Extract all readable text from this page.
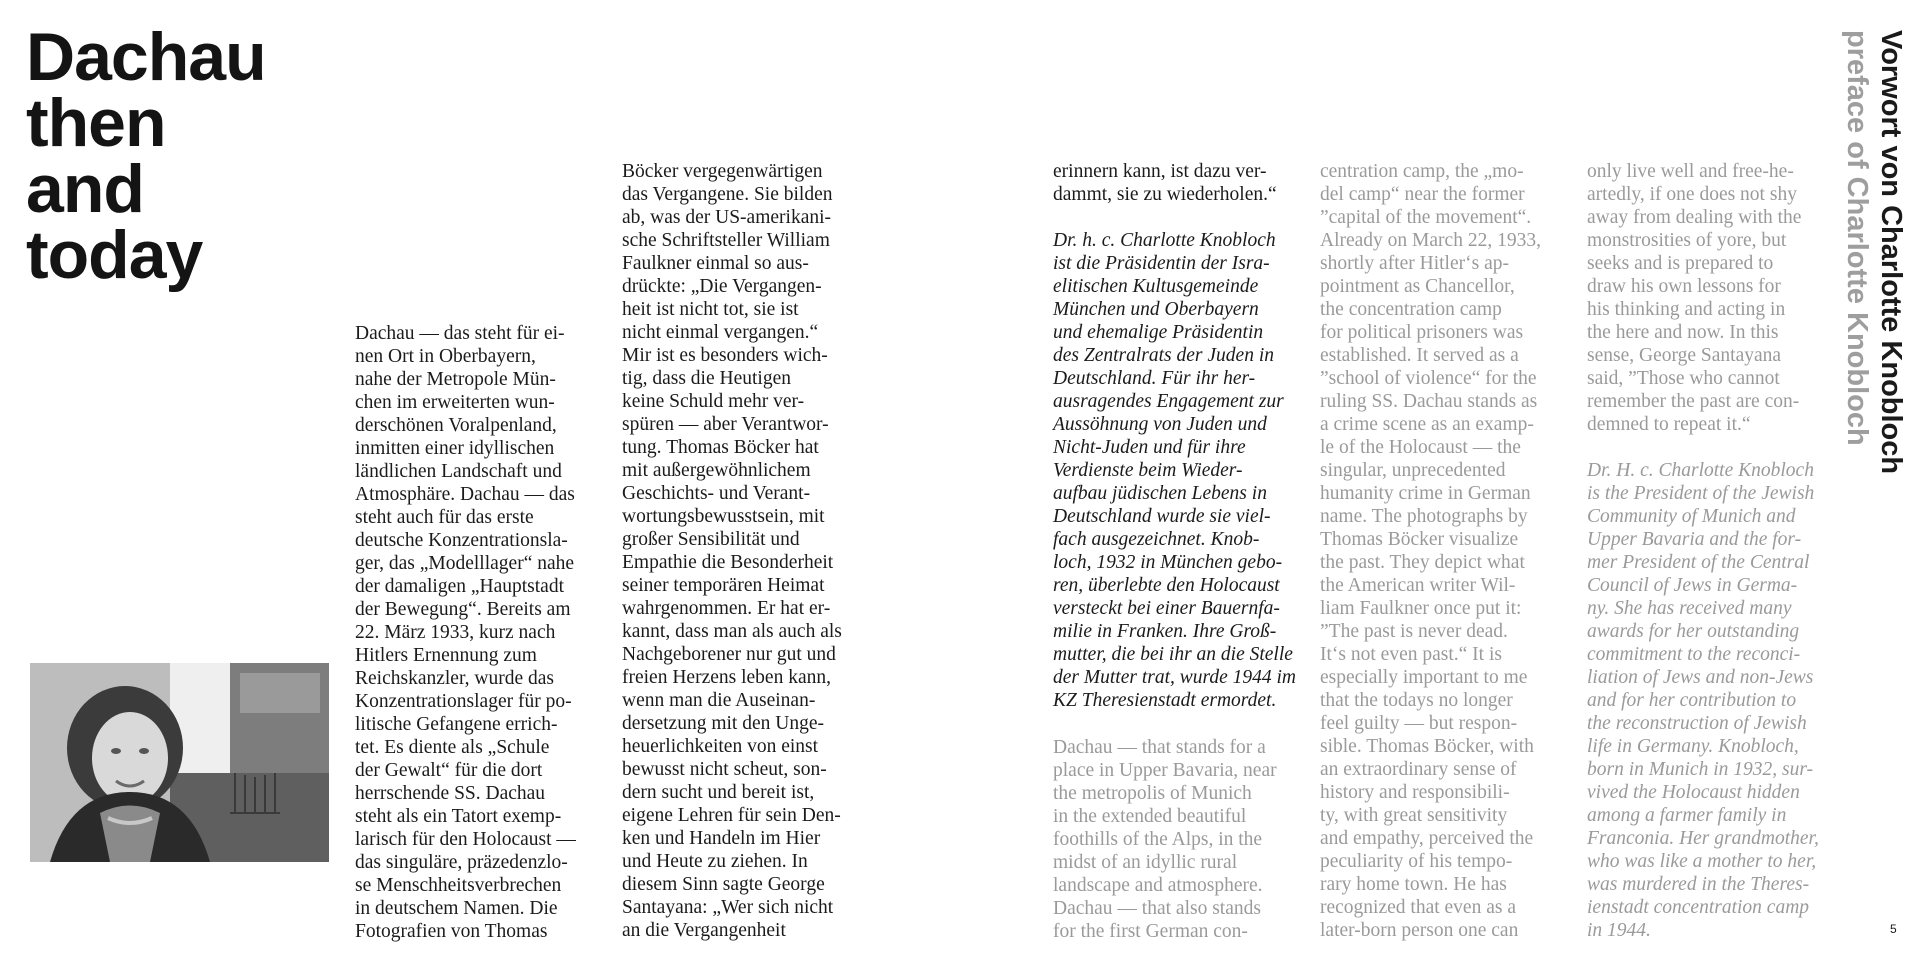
Dachau
then
and
today

Dachau — das steht für ei-
nen Ort in Oberbayern,
nahe der Metropole Mün-
chen im erweiterten wun-
derschönen Voralpenland,
inmitten einer idyllischen
ländlichen Landschaft und
Atmosphäre. Dachau — das
steht auch für das erste
deutsche Konzentrationsla-
ger, das „Modelllager“ nahe
der damaligen „Hauptstadt
der Bewegung“. Bereits am
22. März 1933, kurz nach
Hitlers Ernennung zum
Reichskanzler, wurde das
Konzentrationslager für po-
litische Gefangene errich-
tet. Es diente als „Schule
der Gewalt“ für die dort
herrschende SS. Dachau
steht als ein Tatort exemp-
larisch für den Holocaust —
das singuläre, präzedenzlo-
se Menschheitsverbrechen
in deutschem Namen. Die
Fotografien von Thomas

Böcker vergegenwärtigen
das Vergangene. Sie bilden
ab, was der US-amerikani-
sche Schriftsteller William
Faulkner einmal so aus-
drückte: „Die Vergangen-
heit ist nicht tot, sie ist
nicht einmal vergangen.“
Mir ist es besonders wich-
tig, dass die Heutigen
keine Schuld mehr ver-
spüren — aber Verantwor-
tung. Thomas Böcker hat
mit außergewöhnlichem
Geschichts- und Verant-
wortungsbewusstsein, mit
großer Sensibilität und
Empathie die Besonderheit
seiner temporären Heimat
wahrgenommen. Er hat er-
kannt, dass man als auch als
Nachgeborener nur gut und
freien Herzens leben kann,
wenn man die Auseinan-
dersetzung mit den Unge-
heuerlichkeiten von einst
bewusst nicht scheut, son-
dern sucht und bereit ist,
eigene Lehren für sein Den-
ken und Handeln im Hier
und Heute zu ziehen. In
diesem Sinn sagte George
Santayana: „Wer sich nicht
an die Vergangenheit

erinnern kann, ist dazu ver-
dammt, sie zu wiederholen.“

Dr. h. c. Charlotte Knobloch
ist die Präsidentin der Isra-
elitischen Kultusgemeinde
München und Oberbayern
und ehemalige Präsidentin
des Zentralrats der Juden in
Deutschland. Für ihr her-
ausragendes Engagement zur
Aussöhnung von Juden und
Nicht-Juden und für ihre
Verdienste beim Wieder-
aufbau jüdischen Lebens in
Deutschland wurde sie viel-
fach ausgezeichnet. Knob-
loch, 1932 in München gebo-
ren, überlebte den Holocaust
versteckt bei einer Bauernfa-
milie in Franken. Ihre Groß-
mutter, die bei ihr an die Stelle
der Mutter trat, wurde 1944 im
KZ Theresienstadt ermordet.

Dachau — that stands for a
place in Upper Bavaria, near
the metropolis of Munich
in the extended beautiful
foothills of the Alps, in the
midst of an idyllic rural
landscape and atmosphere.
Dachau — that also stands
for the first German con-

centration camp, the „mo-
del camp“ near the former
”capital of the movement“.
Already on March 22, 1933,
shortly after Hitler‘s ap-
pointment as Chancellor,
the concentration camp
for political prisoners was
established. It served as a
”school of violence“ for the
ruling SS. Dachau stands as
a crime scene as an examp-
le of the Holocaust — the
singular, unprecedented
humanity crime in German
name. The photographs by
Thomas Böcker visualize
the past. They depict what
the American writer Wil-
liam Faulkner once put it:
”The past is never dead.
It‘s not even past.“ It is
especially important to me
that the todays no longer
feel guilty — but respon-
sible. Thomas Böcker, with
an extraordinary sense of
history and responsibili-
ty, with great sensitivity
and empathy, perceived the
peculiarity of his tempo-
rary home town. He has
recognized that even as a
later-born person one can

only live well and free-he-
artedly, if one does not shy
away from dealing with the
monstrosities of yore, but
seeks and is prepared to
draw his own lessons for
his thinking and acting in
the here and now. In this
sense, George Santayana
said, ”Those who cannot
remember the past are con-
demned to repeat it.“

Dr. H. c. Charlotte Knobloch
is the President of the Jewish
Community of Munich and
Upper Bavaria and the for-
mer President of the Central
Council of Jews in Germa-
ny. She has received many
awards for her outstanding
commitment to the reconci-
liation of Jews and non-Jews
and for her contribution to
the reconstruction of Jewish
life in Germany. Knobloch,
born in Munich in 1932, sur-
vived the Holocaust hidden
among a farmer family in
Franconia. Her grandmother,
who was like a mother to her,
was murdered in the Theres-
ienstadt concentration camp
in 1944.

Vorwort von Charlotte Knobloch
preface of Charlotte Knobloch
5
